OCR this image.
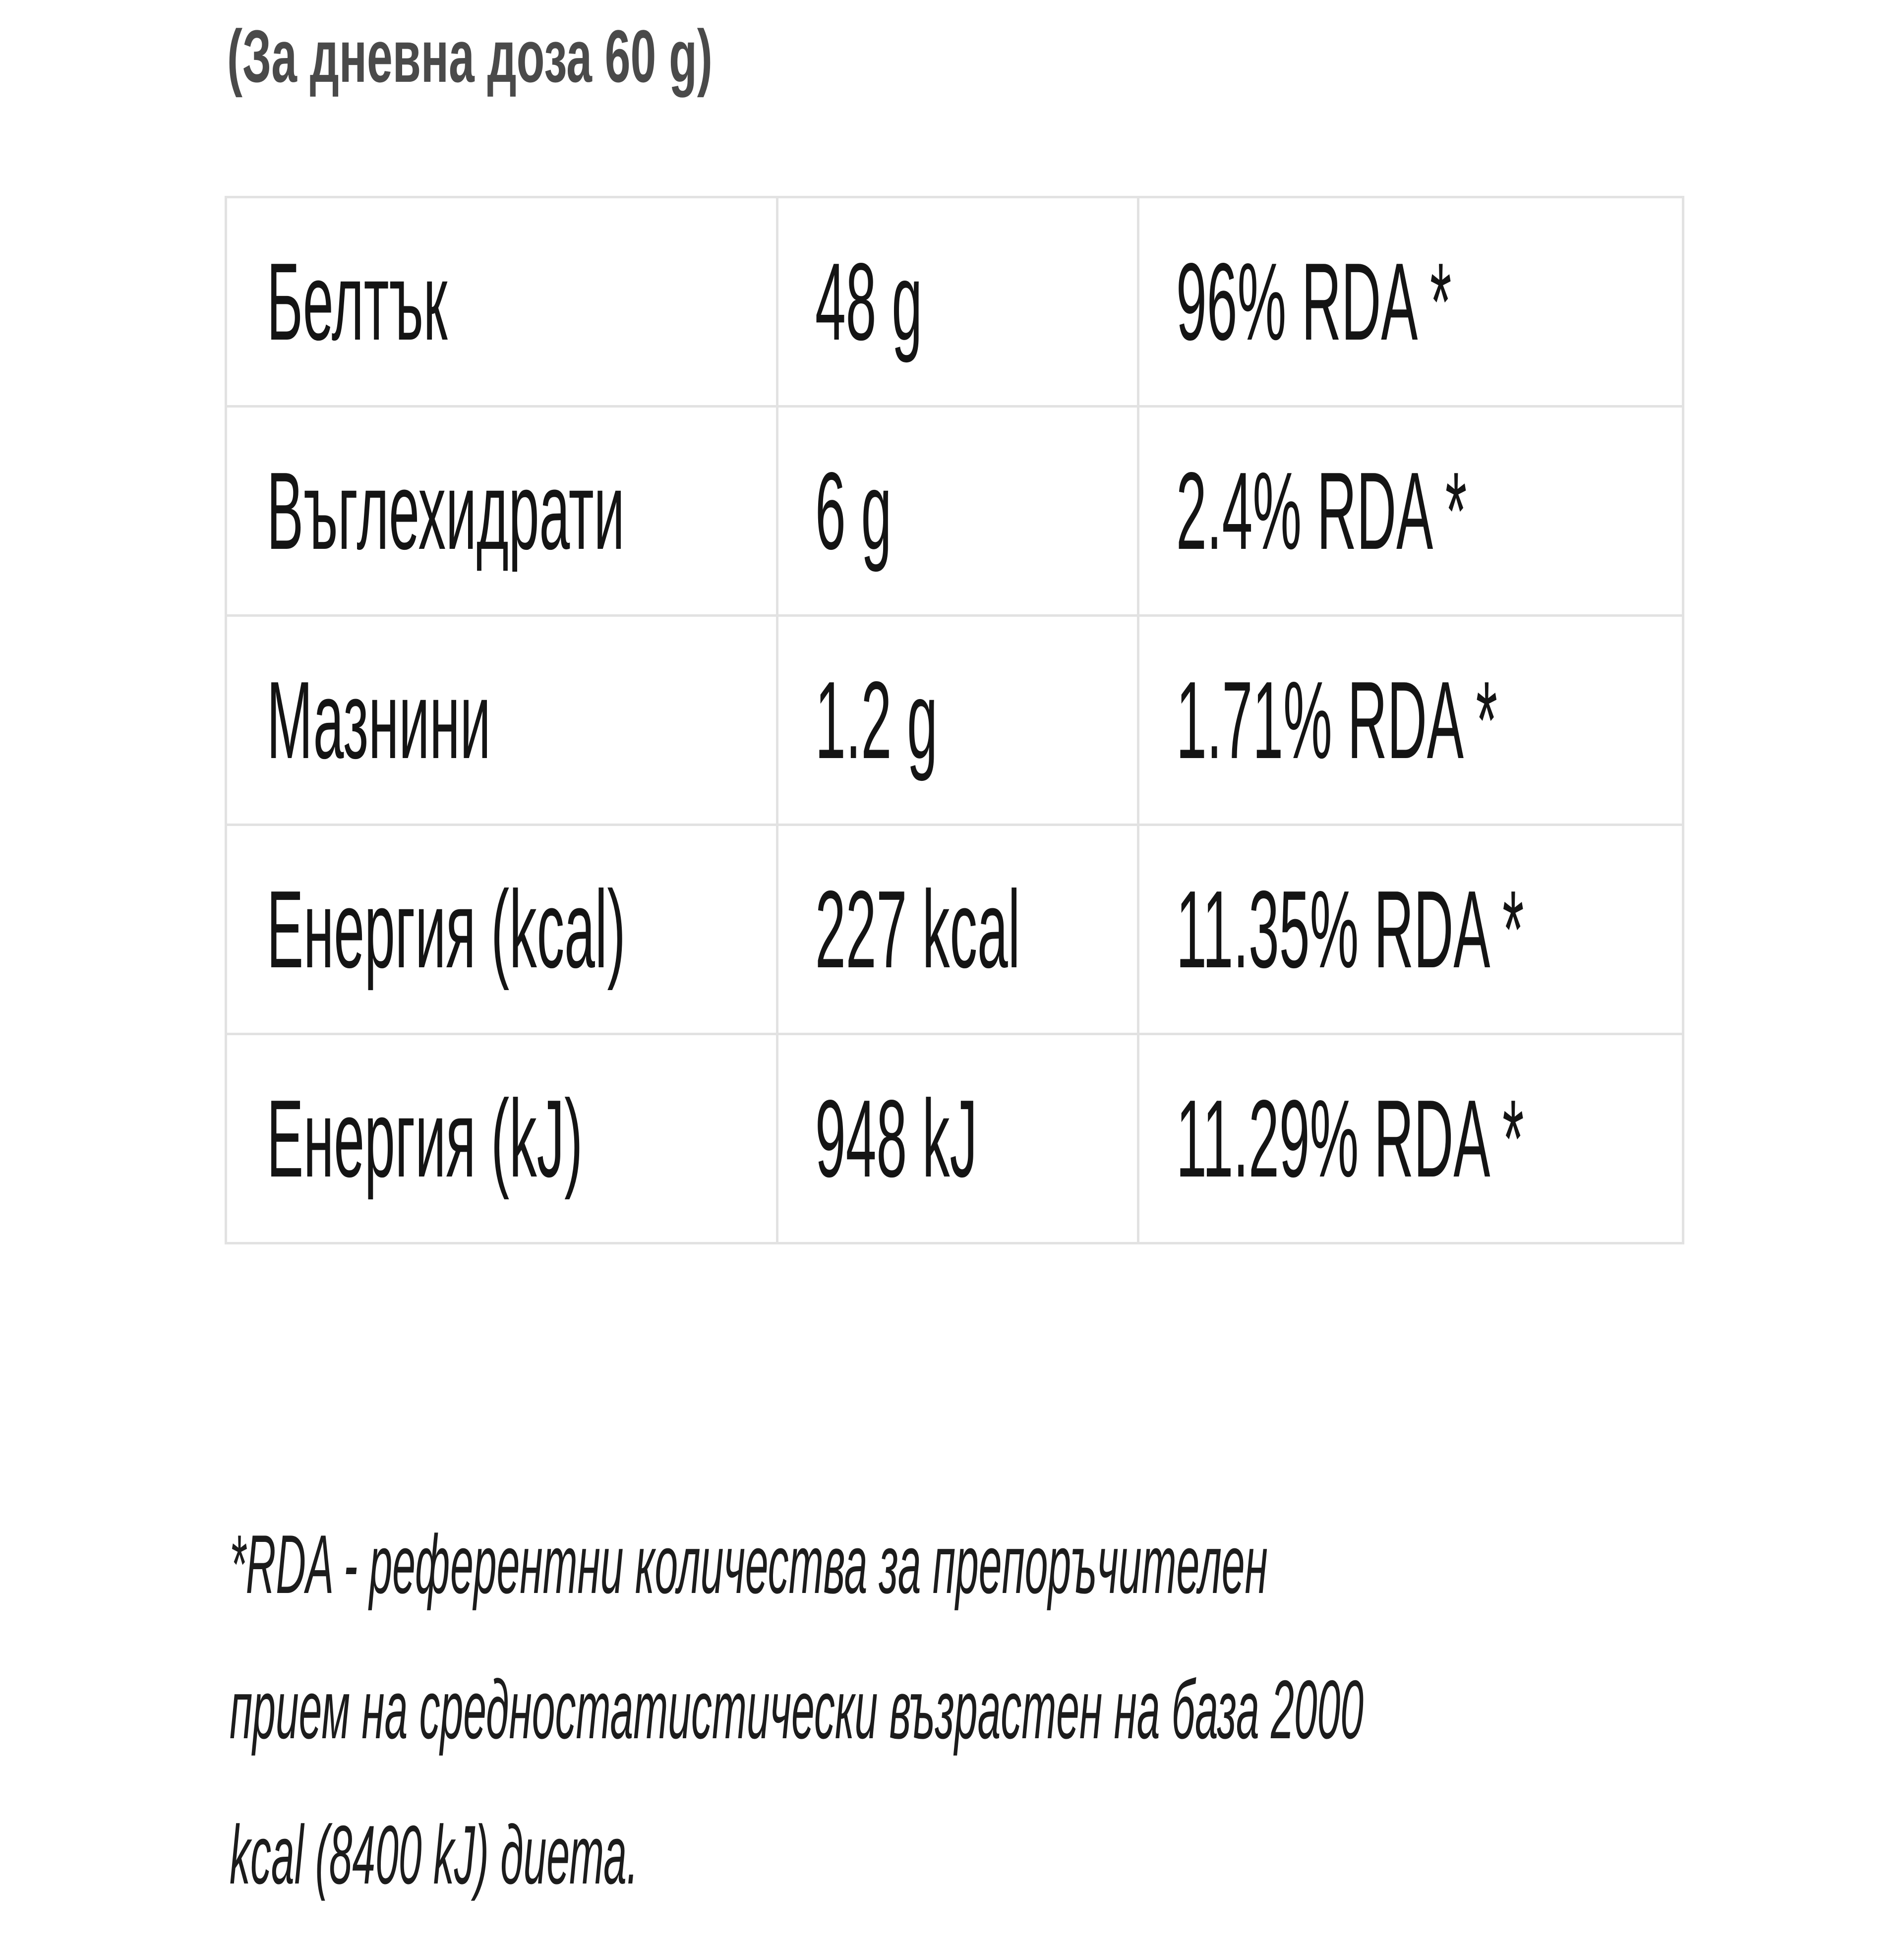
(За дневна доза 60 g)
Белтък	48 g	96% RDA *
Въглехидрати	6 g	2.4% RDA *
Мазнини	1.2 g	1.71% RDA *
Енергия (kcal)	227 kcal	11.35% RDA *
Енергия (kJ)	948 kJ	11.29% RDA *
*RDA - референтни количества за препоръчителен
прием на средностатистически възрастен на база 2000
kcal (8400 kJ) диета.
